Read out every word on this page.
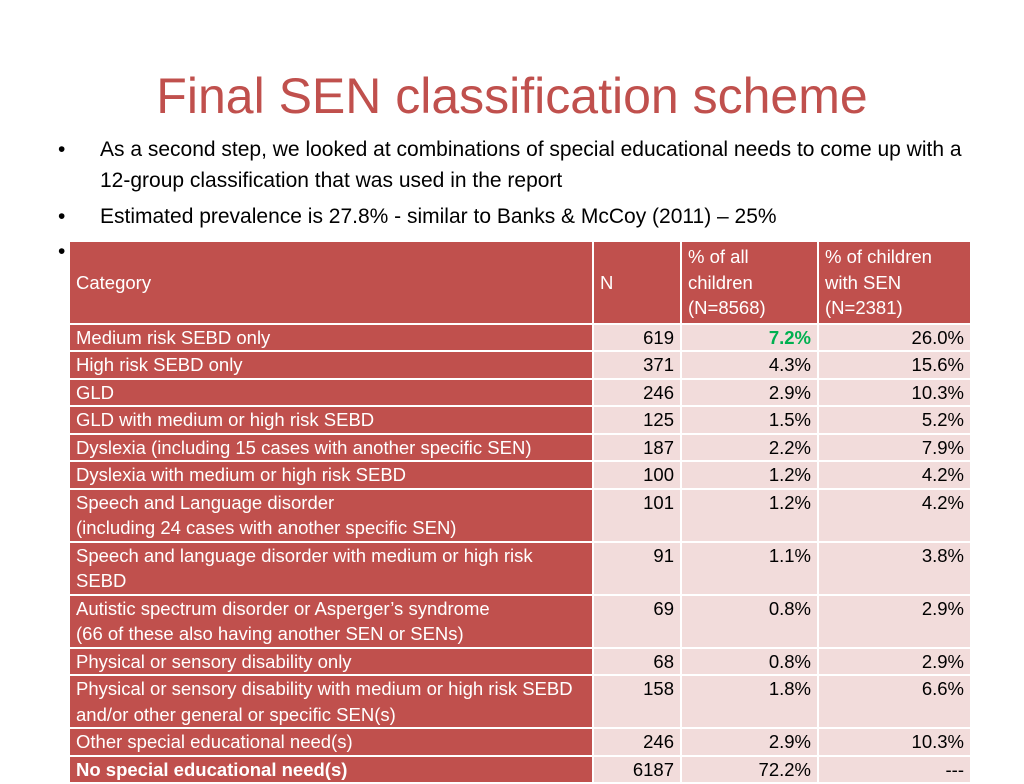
Final SEN classification scheme
• As a second step, we looked at combinations of special educational needs to come up with a 12-group classification that was used in the report
• Estimated prevalence is 27.8% - similar to Banks & McCoy (2011) – 25%
•
Category	N	% of all children (N=8568)	% of children with SEN (N=2381)
Medium risk SEBD only	619	7.2%	26.0%
High risk SEBD only	371	4.3%	15.6%
GLD	246	2.9%	10.3%
GLD with medium or high risk SEBD	125	1.5%	5.2%
Dyslexia (including 15 cases with another specific SEN)	187	2.2%	7.9%
Dyslexia with medium or high risk SEBD	100	1.2%	4.2%
Speech and Language disorder
(including 24 cases with another specific SEN)	101	1.2%	4.2%
Speech and language disorder with medium or high risk SEBD	91	1.1%	3.8%
Autistic spectrum disorder or Asperger’s syndrome
(66 of these also having another SEN or SENs)	69	0.8%	2.9%
Physical or sensory disability only	68	0.8%	2.9%
Physical or sensory disability with medium or high risk SEBD and/or other general or specific SEN(s)	158	1.8%	6.6%
Other special educational need(s)	246	2.9%	10.3%
No special educational need(s)	6187	72.2%	---
